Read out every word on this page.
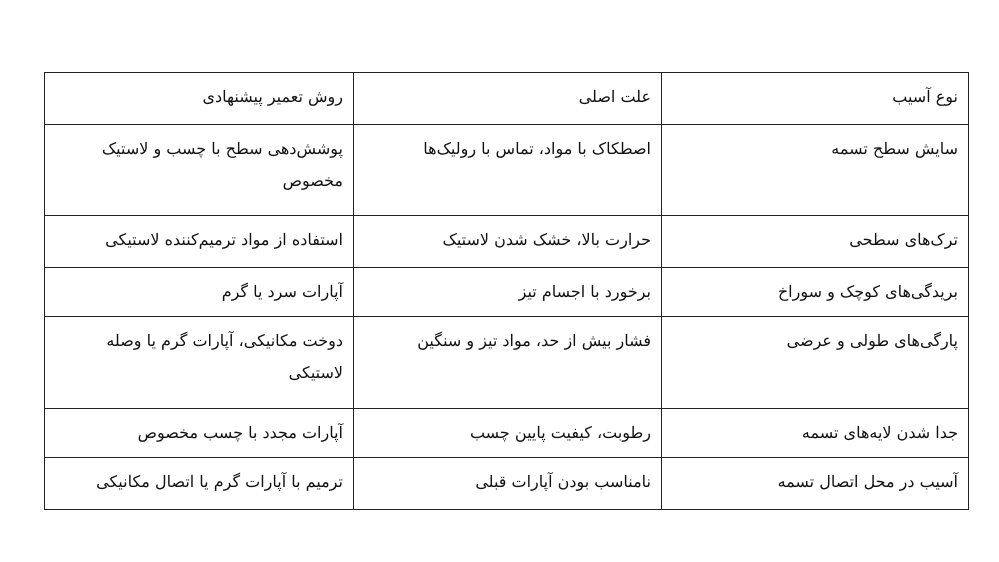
نوع آسیب	علت اصلی	روش تعمیر پیشنهادی
سایش سطح تسمه	اصطکاک با مواد، تماس با رولیک‌ها	پوشش‌دهی سطح با چسب و لاستیک مخصوص
ترک‌های سطحی	حرارت بالا، خشک شدن لاستیک	استفاده از مواد ترمیم‌کننده لاستیکی
بریدگی‌های کوچک و سوراخ	برخورد با اجسام تیز	آپارات سرد یا گرم
پارگی‌های طولی و عرضی	فشار بیش از حد، مواد تیز و سنگین	دوخت مکانیکی، آپارات گرم یا وصله لاستیکی
جدا شدن لایه‌های تسمه	رطوبت، کیفیت پایین چسب	آپارات مجدد با چسب مخصوص
آسیب در محل اتصال تسمه	نامناسب بودن آپارات قبلی	ترمیم با آپارات گرم یا اتصال مکانیکی
